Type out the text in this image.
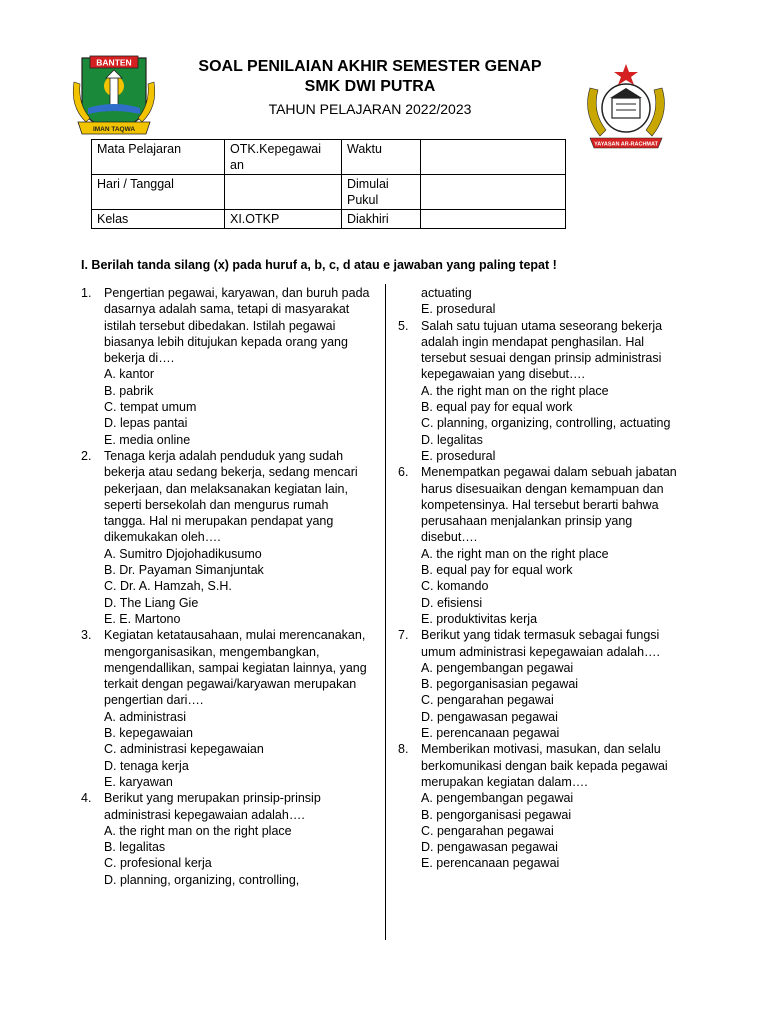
BANTEN
IMAN TAQWA
SOAL PENILAIAN AKHIR SEMESTER GENAP
SMK DWI PUTRA
TAHUN PELAJARAN 2022/2023
YAYASAN AR-RACHMAT
Mata Pelajaran	OTK.Kepegawai an	Waktu	
Hari / Tanggal		Dimulai Pukul	
Kelas	XI.OTKP	Diakhiri	
I. Berilah tanda silang (x) pada huruf a, b, c, d atau e jawaban yang paling tepat !
1. Pengertian pegawai, karyawan, dan buruh pada dasarnya adalah sama, tetapi di masyarakat istilah tersebut dibedakan. Istilah pegawai biasanya lebih ditujukan kepada orang yang bekerja di….
A. kantor
B. pabrik
C. tempat umum
D. lepas pantai
E. media online
2. Tenaga kerja adalah penduduk yang sudah bekerja atau sedang bekerja, sedang mencari pekerjaan, dan melaksanakan kegiatan lain, seperti bersekolah dan mengurus rumah tangga. Hal ni merupakan pendapat yang dikemukakan oleh….
A. Sumitro Djojohadikusumo
B. Dr. Payaman Simanjuntak
C. Dr. A. Hamzah, S.H.
D. The Liang Gie
E. E. Martono
3. Kegiatan ketatausahaan, mulai merencanakan, mengorganisasikan, mengembangkan, mengendallikan, sampai kegiatan lainnya, yang terkait dengan pegawai/karyawan merupakan pengertian dari….
A. administrasi
B. kepegawaian
C. administrasi kepegawaian
D. tenaga kerja
E. karyawan
4. Berikut yang merupakan prinsip-prinsip administrasi kepegawaian adalah….
A. the right man on the right place
B. legalitas
C. profesional kerja
D. planning, organizing, controlling,
actuating
E. prosedural
5. Salah satu tujuan utama seseorang bekerja adalah ingin mendapat penghasilan. Hal tersebut sesuai dengan prinsip administrasi kepegawaian yang disebut….
A. the right man on the right place
B. equal pay for equal work
C. planning, organizing, controlling, actuating
D. legalitas
E. prosedural
6. Menempatkan pegawai dalam sebuah jabatan harus disesuaikan dengan kemampuan dan kompetensinya. Hal tersebut berarti bahwa perusahaan menjalankan prinsip yang disebut….
A. the right man on the right place
B. equal pay for equal work
C. komando
D. efisiensi
E. produktivitas kerja
7. Berikut yang tidak termasuk sebagai fungsi umum administrasi kepegawaian adalah….
A. pengembangan pegawai
B. pegorganisasian pegawai
C. pengarahan pegawai
D. pengawasan pegawai
E. perencanaan pegawai
8. Memberikan motivasi, masukan, dan selalu berkomunikasi dengan baik kepada pegawai merupakan kegiatan dalam….
A. pengembangan pegawai
B. pengorganisasi pegawai
C. pengarahan pegawai
D. pengawasan pegawai
E. perencanaan pegawai
